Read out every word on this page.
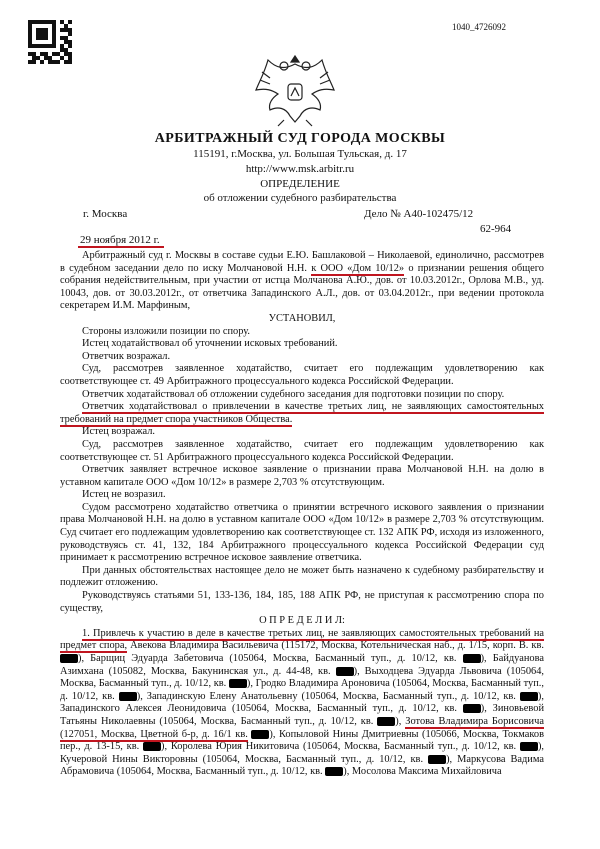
1040_4726092
АРБИТРАЖНЫЙ СУД ГОРОДА МОСКВЫ
115191, г.Москва, ул. Большая Тульская, д. 17
http://www.msk.arbitr.ru
ОПРЕДЕЛЕНИЕ
об отложении судебного разбирательства
г. Москва	Дело № А40-102475/12
62-964
29 ноября 2012 г.

Арбитражный суд г. Москвы в составе судьи Е.Ю. Башлаковой – Николаевой, единолично, рассмотрев в судебном заседании дело по иску Молчановой Н.Н. к ООО «Дом 10/12» о признании решения общего собрания недействительным, при участии от истца Молчанова А.Ю., дов. от 10.03.2012г., Орлова М.В., уд. 10043, дов. от 30.03.2012г., от ответчика Западинского А.Л., дов. от 03.04.2012г., при ведении протокола секретарем И.М. Марфиным,

УСТАНОВИЛ,

Стороны изложили позиции по спору.

Истец ходатайствовал об уточнении исковых требований.

Ответчик возражал.

Суд, рассмотрев заявленное ходатайство, считает его подлежащим удовлетворению как соответствующее ст. 49 Арбитражного процессуального кодекса Российской Федерации.

Ответчик ходатайствовал об отложении судебного заседания для подготовки позиции по спору.

Ответчик ходатайствовал о привлечении в качестве третьих лиц, не заявляющих самостоятельных требований на предмет спора участников Общества.

Истец возражал.

Суд, рассмотрев заявленное ходатайство, считает его подлежащим удовлетворению как соответствующее ст. 51 Арбитражного процессуального кодекса Российской Федерации.

Ответчик заявляет встречное исковое заявление о признании права Молчановой Н.Н. на долю в уставном капитале ООО «Дом 10/12» в размере 2,703 % отсутствующим.

Истец не возразил.

Судом рассмотрено ходатайство ответчика о принятии встречного искового заявления о признании права Молчановой Н.Н. на долю в уставном капитале ООО «Дом 10/12» в размере 2,703 % отсутствующим. Суд считает его подлежащим удовлетворению как соответствующее ст. 132 АПК РФ, исходя из изложенного, руководствуясь ст. 41, 132, 184 Арбитражного процессуального кодекса Российской Федерации суд принимает к рассмотрению встречное исковое заявление ответчика.

При данных обстоятельствах настоящее дело не может быть назначено к судебному разбирательству и подлежит отложению.

Руководствуясь статьями 51, 133-136, 184, 185, 188 АПК РФ, не приступая к рассмотрению спора по существу,

О П Р Е Д Е Л И Л:

1. Привлечь к участию в деле в качестве третьих лиц, не заявляющих самостоятельных требований на предмет спора, Авекова Владимира Васильевича (115172, Москва, Котельническая наб., д. 1/15, корп. В. кв. ), Барщиц Эдуарда Забетовича (105064, Москва, Басманный туп., д. 10/12, кв. ), Байдуанова Азимхана (105082, Москва, Бакунинская ул., д. 44-48, кв. ), Выходцева Эдуарда Львовича (105064, Москва, Басманный туп., д. 10/12, кв. ), Гродко Владимира Ароновича (105064, Москва, Басманный туп., д. 10/12, кв. ), Западинскую Елену Анатольевну (105064, Москва, Басманный туп., д. 10/12, кв. ), Западинского Алексея Леонидовича (105064, Москва, Басманный туп., д. 10/12, кв. ), Зиновьевой Татьяны Николаевны (105064, Москва, Басманный туп., д. 10/12, кв. ), Зотова Владимира Борисовича (127051, Москва, Цветной б-р, д. 16/1 кв. ), Копыловой Нины Дмитриевны (105066, Москва, Токмаков пер., д. 13-15, кв. ), Королева Юрия Никитовича (105064, Москва, Басманный туп., д. 10/12, кв. ), Кучеровой Нины Викторовны (105064, Москва, Басманный туп., д. 10/12, кв. ), Маркусова Вадима Абрамовича (105064, Москва, Басманный туп., д. 10/12, кв. ), Мосолова Максима Михайловича
